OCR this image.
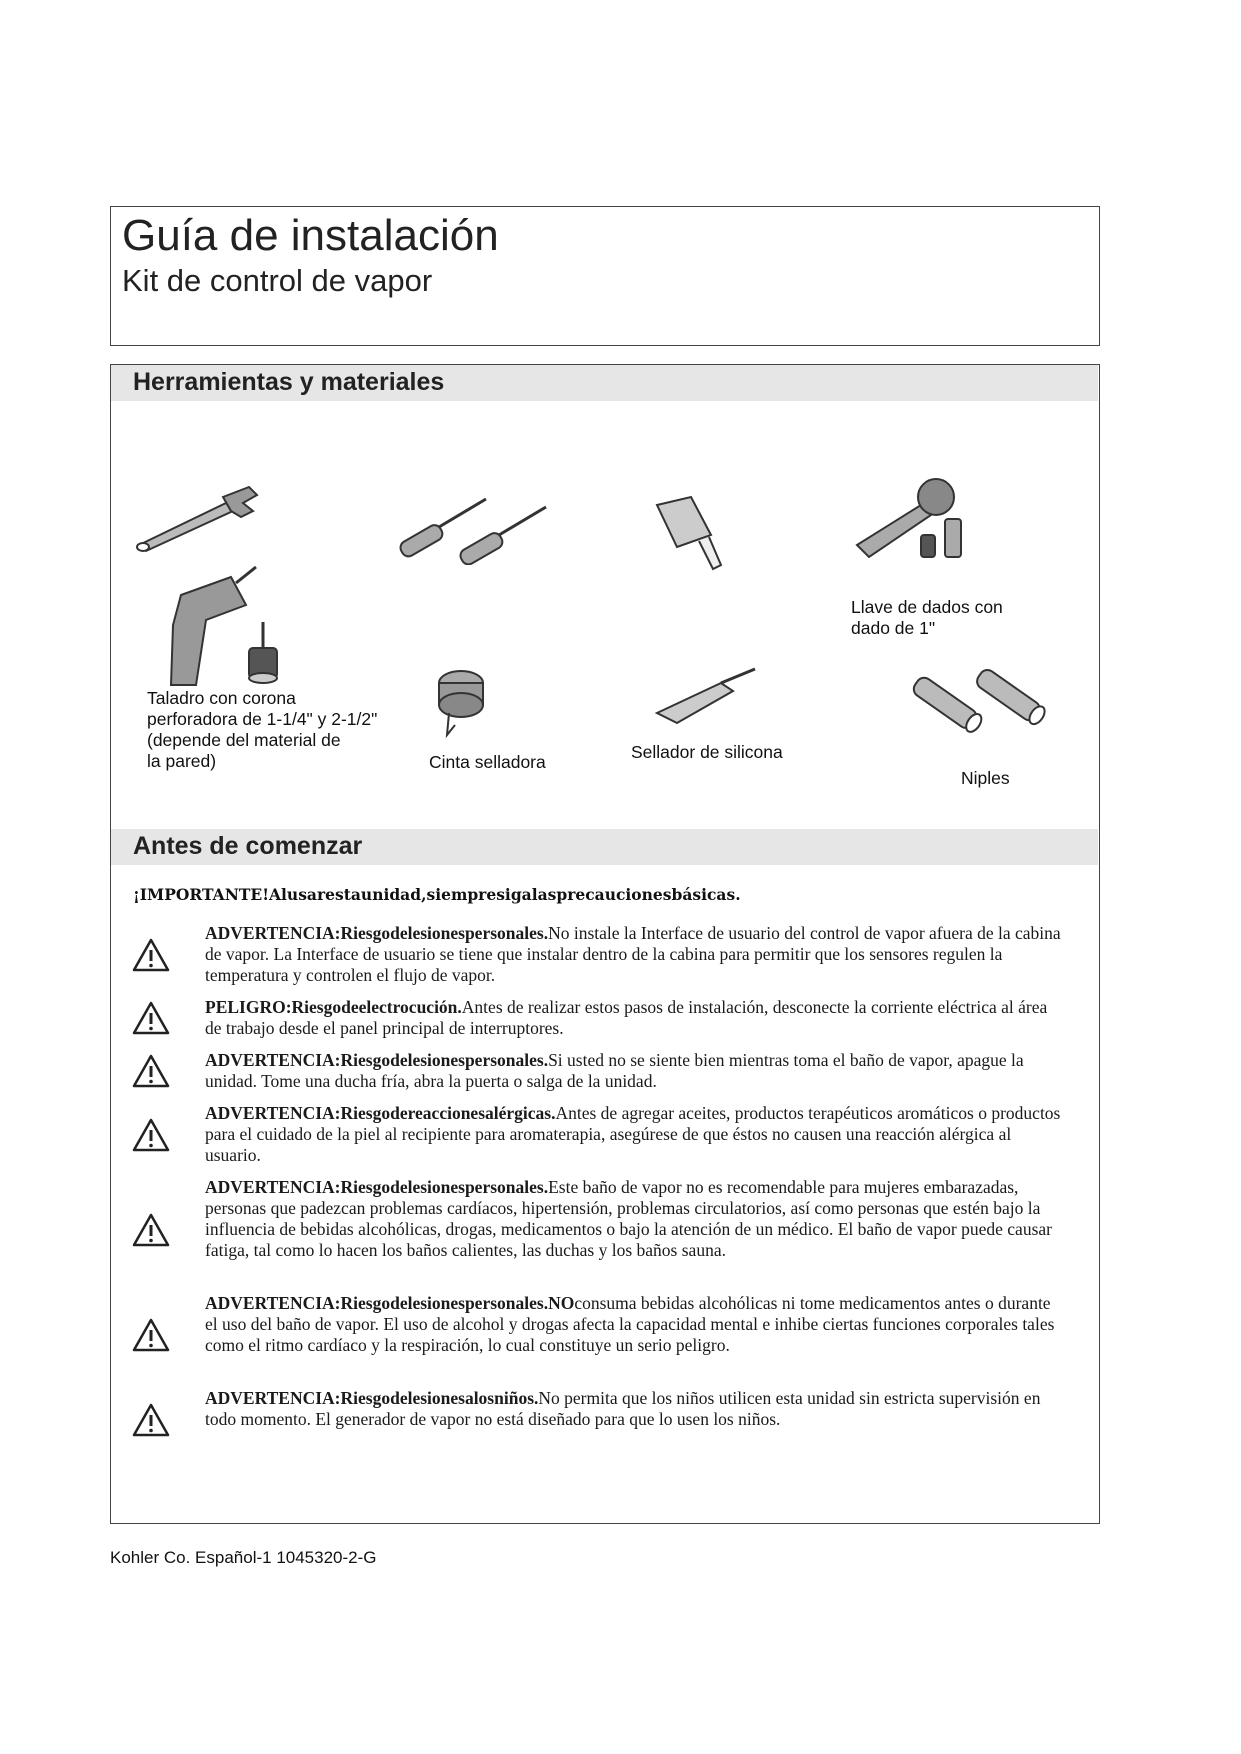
Guía de instalación
Kit de control de vapor
Herramientas y materiales
Taladro con corona
perforadora de 1-1/4" y 2-1/2"
(depende del material de
la pared)	Cinta selladora	Sellador de silicona
Llave de dados con
dado de 1"
Niples
Antes de comenzar
¡IMPORTANTE!Alusarestaunidad,siempresigalasprecaucionesbásicas.
ADVERTENCIA:Riesgodelesionespersonales.No instale la Interface de usuario del control de vapor afuera de la cabina de vapor. La Interface de usuario se tiene que instalar dentro de la cabina para permitir que los sensores regulen la temperatura y controlen el flujo de vapor.
PELIGRO:Riesgodeelectrocución.Antes de realizar estos pasos de instalación, desconecte la corriente eléctrica al área de trabajo desde el panel principal de interruptores.
ADVERTENCIA:Riesgodelesionespersonales.Si usted no se siente bien mientras toma el baño de vapor, apague la unidad. Tome una ducha fría, abra la puerta o salga de la unidad.
ADVERTENCIA:Riesgodereaccionesalérgicas.Antes de agregar aceites, productos terapéuticos aromáticos o productos para el cuidado de la piel al recipiente para aromaterapia, asegúrese de que éstos no causen una reacción alérgica al usuario.
ADVERTENCIA:Riesgodelesionespersonales.Este baño de vapor no es recomendable para mujeres embarazadas, personas que padezcan problemas cardíacos, hipertensión, problemas circulatorios, así como personas que estén bajo la influencia de bebidas alcohólicas, drogas, medicamentos o bajo la atención de un médico. El baño de vapor puede causar fatiga, tal como lo hacen los baños calientes, las duchas y los baños sauna.
ADVERTENCIA:Riesgodelesionespersonales.NOconsuma bebidas alcohólicas ni tome medicamentos antes o durante el uso del baño de vapor. El uso de alcohol y drogas afecta la capacidad mental e inhibe ciertas funciones corporales tales como el ritmo cardíaco y la respiración, lo cual constituye un serio peligro.
ADVERTENCIA:Riesgodelesionesalosniños.No permita que los niños utilicen esta unidad sin estricta supervisión en todo momento. El generador de vapor no está diseñado para que lo usen los niños.
Kohler Co. Español-1 1045320-2-G
